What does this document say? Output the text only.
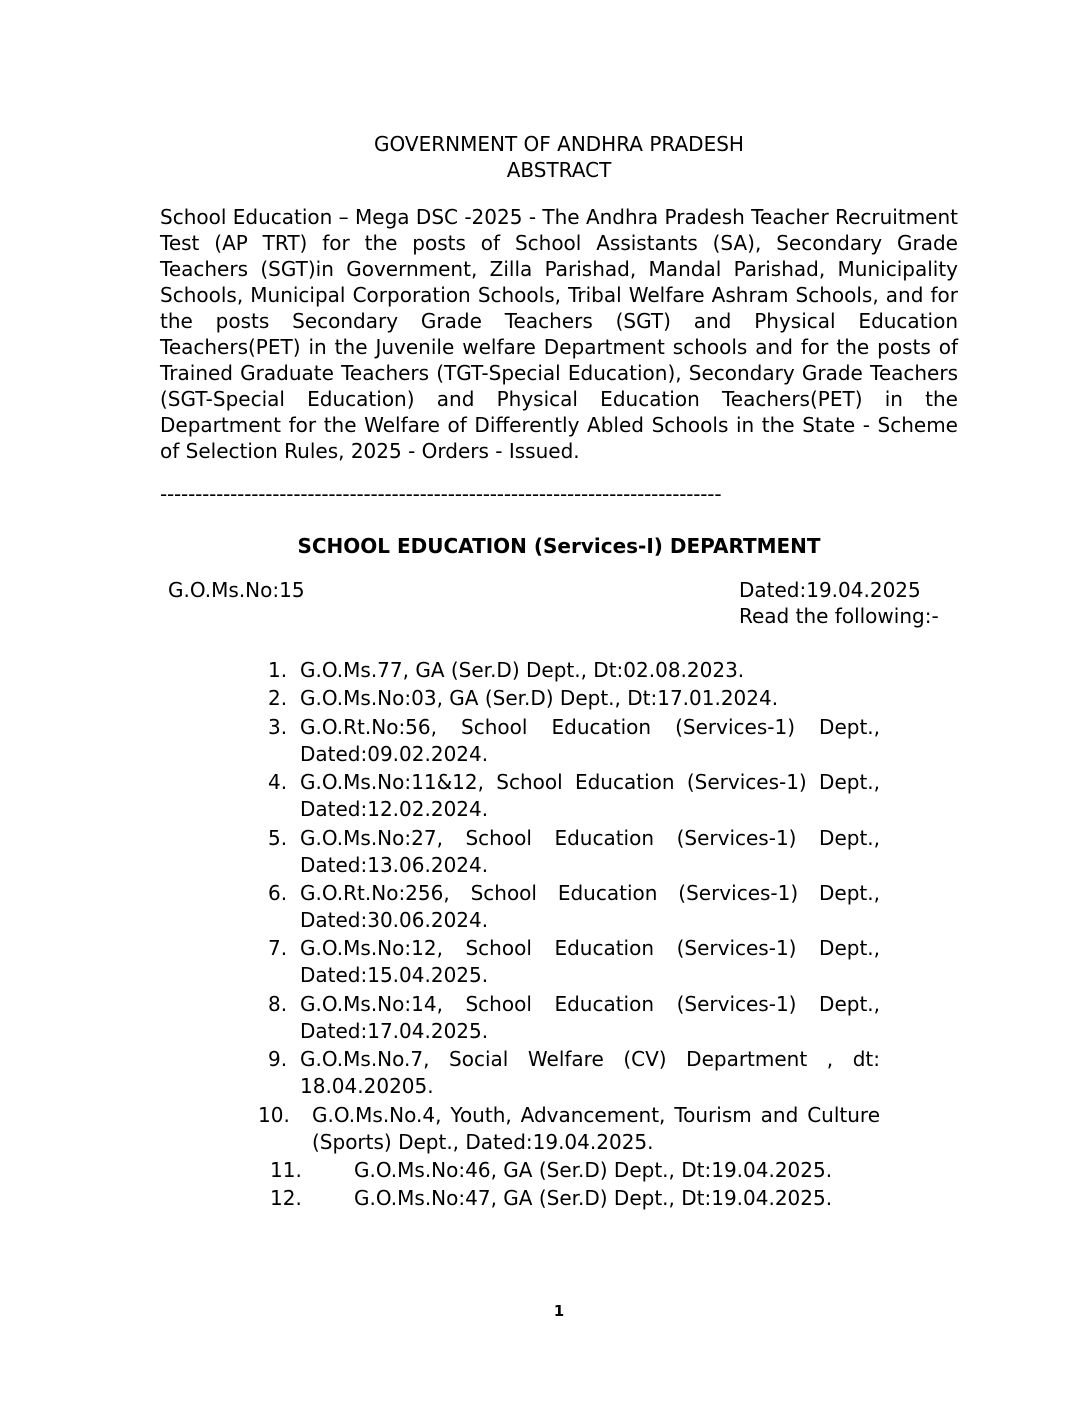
GOVERNMENT OF ANDHRA PRADESH
ABSTRACT
School Education – Mega DSC -2025 - The Andhra Pradesh Teacher Recruitment Test (AP TRT) for the posts of School Assistants (SA), Secondary Grade Teachers (SGT)in Government, Zilla Parishad, Mandal Parishad, Municipality Schools, Municipal Corporation Schools, Tribal Welfare Ashram Schools, and for the posts Secondary Grade Teachers (SGT) and Physical Education Teachers(PET) in the Juvenile welfare Department schools and for the posts of Trained Graduate Teachers (TGT-Special Education), Secondary Grade Teachers (SGT-Special Education) and Physical Education Teachers(PET) in the Department for the Welfare of Differently Abled Schools in the State - Scheme of Selection Rules, 2025 - Orders - Issued.
--------------------------------------------------------------------------------
SCHOOL EDUCATION (Services-I) DEPARTMENT
G.O.Ms.No:15	Dated:19.04.2025
Read the following:-
1. G.O.Ms.77, GA (Ser.D) Dept., Dt:02.08.2023.
2. G.O.Ms.No:03, GA (Ser.D) Dept., Dt:17.01.2024.
3. G.O.Rt.No:56, School Education (Services-1) Dept., Dated:09.02.2024.
4. G.O.Ms.No:11&12, School Education (Services-1) Dept., Dated:12.02.2024.
5. G.O.Ms.No:27, School Education (Services-1) Dept., Dated:13.06.2024.
6. G.O.Rt.No:256, School Education (Services-1) Dept., Dated:30.06.2024.
7. G.O.Ms.No:12, School Education (Services-1) Dept., Dated:15.04.2025.
8. G.O.Ms.No:14, School Education (Services-1) Dept., Dated:17.04.2025.
9. G.O.Ms.No.7, Social Welfare (CV) Department , dt: 18.04.20205.
10. G.O.Ms.No.4, Youth, Advancement, Tourism and Culture (Sports) Dept., Dated:19.04.2025.
11.	G.O.Ms.No:46, GA (Ser.D) Dept., Dt:19.04.2025.
12.	G.O.Ms.No:47, GA (Ser.D) Dept., Dt:19.04.2025.
1
